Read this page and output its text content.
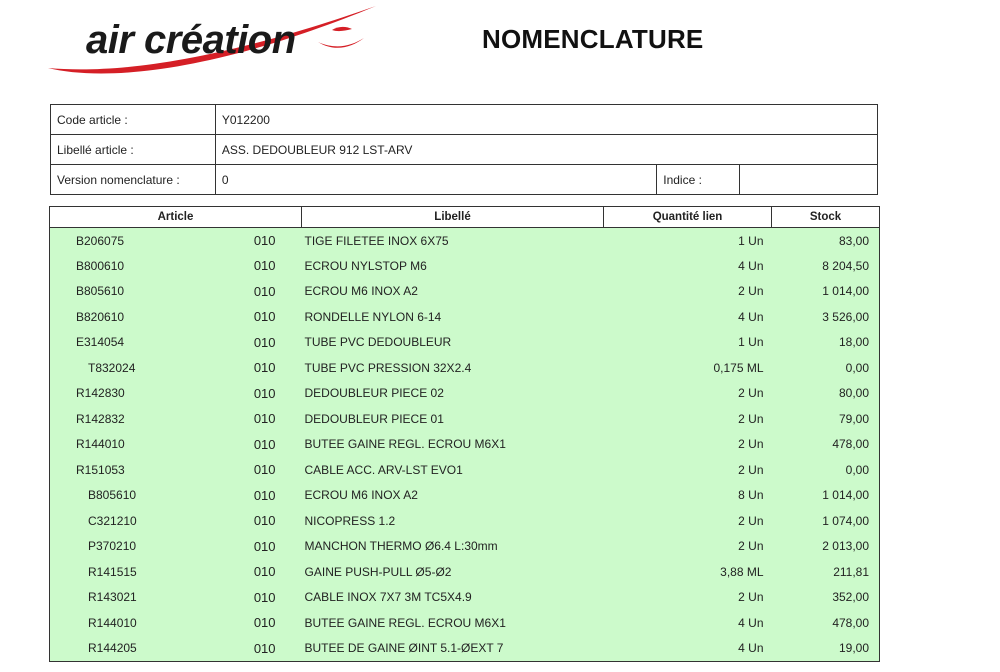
air création	NOMENCLATURE
Code article :	Y012200		
Libellé article :	ASS. DEDOUBLEUR 912 LST-ARV		
Version nomenclature :	0	Indice :	
Article		Libellé	Quantité lien	Stock
B206075	010	TIGE FILETEE INOX 6X75	1 Un	83,00
B800610	010	ECROU NYLSTOP M6	4 Un	8 204,50
B805610	010	ECROU M6 INOX A2	2 Un	1 014,00
B820610	010	RONDELLE NYLON 6-14	4 Un	3 526,00
E314054	010	TUBE PVC DEDOUBLEUR	1 Un	18,00
T832024	010	TUBE PVC PRESSION 32X2.4	0,175 ML	0,00
R142830	010	DEDOUBLEUR PIECE 02	2 Un	80,00
R142832	010	DEDOUBLEUR PIECE 01	2 Un	79,00
R144010	010	BUTEE GAINE REGL. ECROU M6X1	2 Un	478,00
R151053	010	CABLE ACC. ARV-LST EVO1	2 Un	0,00
B805610	010	ECROU M6 INOX A2	8 Un	1 014,00
C321210	010	NICOPRESS 1.2	2 Un	1 074,00
P370210	010	MANCHON THERMO Ø6.4 L:30mm	2 Un	2 013,00
R141515	010	GAINE PUSH-PULL Ø5-Ø2	3,88 ML	211,81
R143021	010	CABLE INOX 7X7 3M TC5X4.9	2 Un	352,00
R144010	010	BUTEE GAINE REGL. ECROU M6X1	4 Un	478,00
R144205	010	BUTEE DE GAINE ØINT 5.1-ØEXT 7	4 Un	19,00
